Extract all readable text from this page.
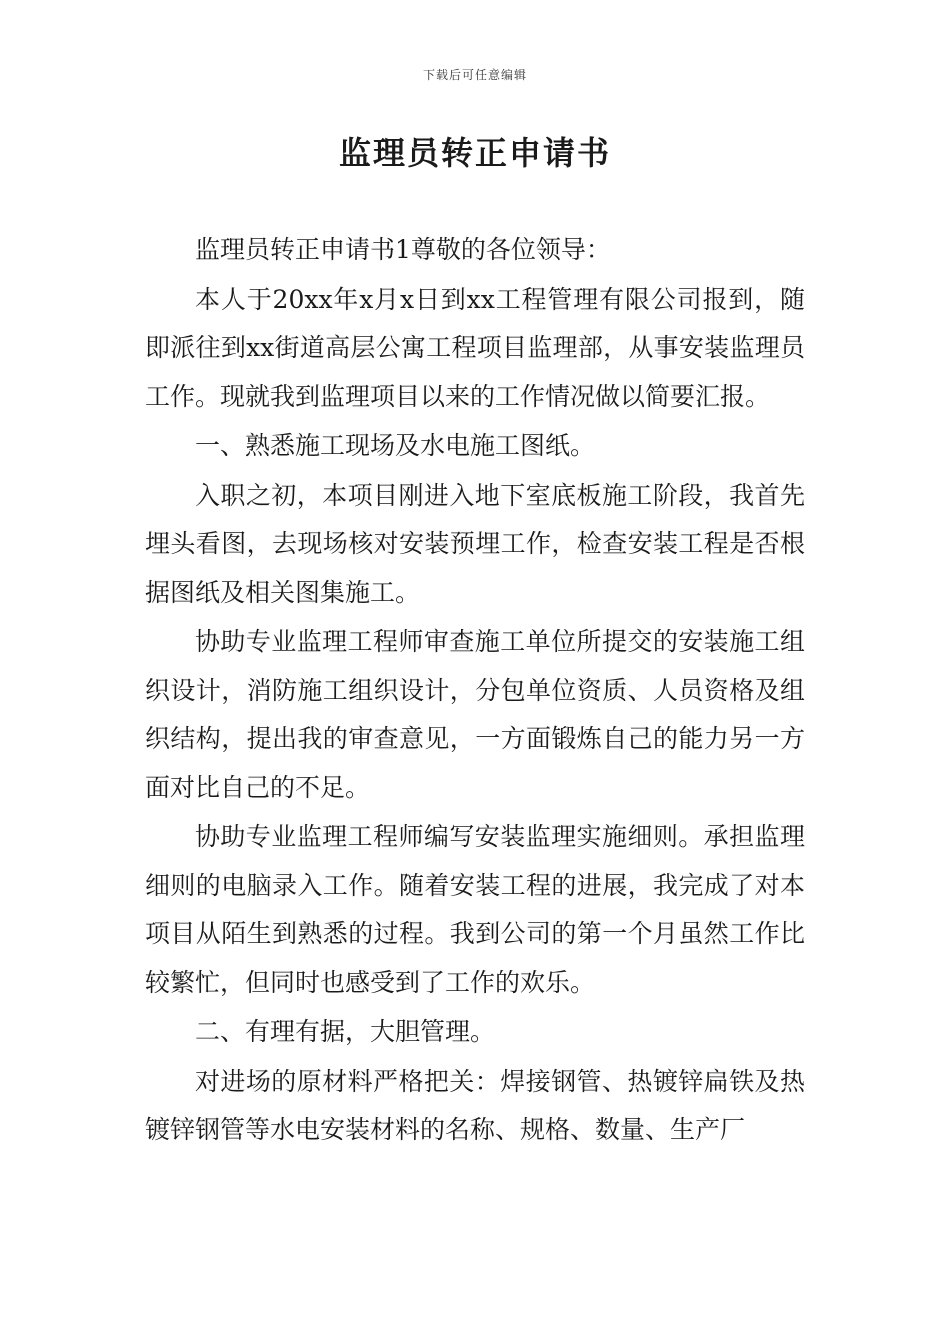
下载后可任意编辑
监理员转正申请书

监理员转正申请书1尊敬的各位领导：

本人于20xx年x月x日到xx工程管理有限公司报到，随即派往到xx街道高层公寓工程项目监理部，从事安装监理员工作。现就我到监理项目以来的工作情况做以简要汇报。

一、熟悉施工现场及水电施工图纸。

入职之初，本项目刚进入地下室底板施工阶段，我首先埋头看图，去现场核对安装预埋工作，检查安装工程是否根据图纸及相关图集施工。

协助专业监理工程师审查施工单位所提交的安装施工组织设计，消防施工组织设计，分包单位资质、人员资格及组织结构，提出我的审查意见，一方面锻炼自己的能力另一方面对比自己的不足。

协助专业监理工程师编写安装监理实施细则。承担监理细则的电脑录入工作。随着安装工程的进展，我完成了对本项目从陌生到熟悉的过程。我到公司的第一个月虽然工作比较繁忙，但同时也感受到了工作的欢乐。

二、有理有据，大胆管理。

对进场的原材料严格把关：焊接钢管、热镀锌扁铁及热镀锌钢管等水电安装材料的名称、规格、数量、生产厂
